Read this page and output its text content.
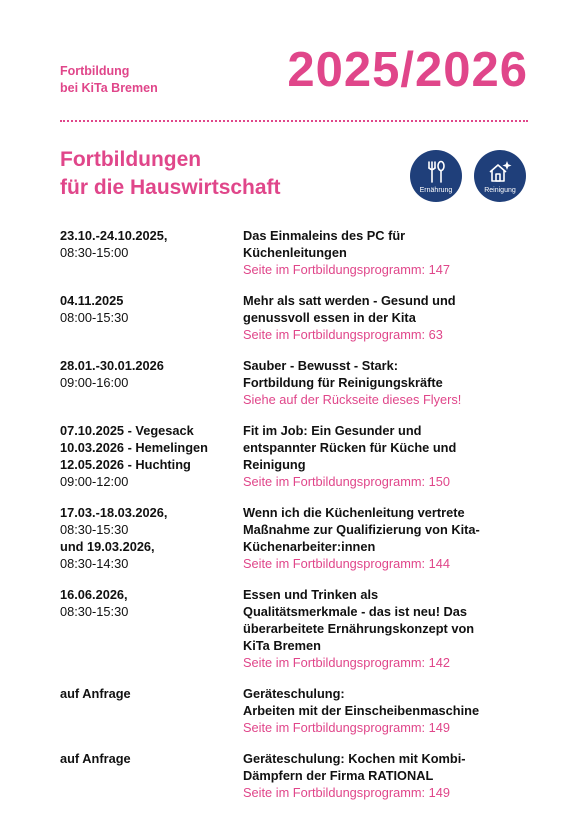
Fortbildung
bei KiTa Bremen	2025/2026
Fortbildungen
für die Hauswirtschaft	Ernährung	Reinigung
23.10.-24.10.2025,
08:30-15:00
Das Einmaleins des PC für
Küchenleitungen
Seite im Fortbildungsprogramm: 147
04.11.2025
08:00-15:30
Mehr als satt werden - Gesund und
genussvoll essen in der Kita
Seite im Fortbildungsprogramm: 63
28.01.-30.01.2026
09:00-16:00
Sauber - Bewusst - Stark:
Fortbildung für Reinigungskräfte
Siehe auf der Rückseite dieses Flyers!
07.10.2025 - Vegesack
10.03.2026 - Hemelingen
12.05.2026 - Huchting
09:00-12:00
Fit im Job: Ein Gesunder und
entspannter Rücken für Küche und
Reinigung
Seite im Fortbildungsprogramm: 150
17.03.-18.03.2026,
08:30-15:30
und 19.03.2026,
08:30-14:30
Wenn ich die Küchenleitung vertrete
Maßnahme zur Qualifizierung von Kita-
Küchenarbeiter:innen
Seite im Fortbildungsprogramm: 144
16.06.2026,
08:30-15:30
Essen und Trinken als
Qualitätsmerkmale - das ist neu! Das
überarbeitete Ernährungskonzept von
KiTa Bremen
Seite im Fortbildungsprogramm: 142
auf Anfrage	Geräteschulung:
Arbeiten mit der Einscheibenmaschine
Seite im Fortbildungsprogramm: 149
auf Anfrage	Geräteschulung: Kochen mit Kombi-
Dämpfern der Firma RATIONAL
Seite im Fortbildungsprogramm: 149
